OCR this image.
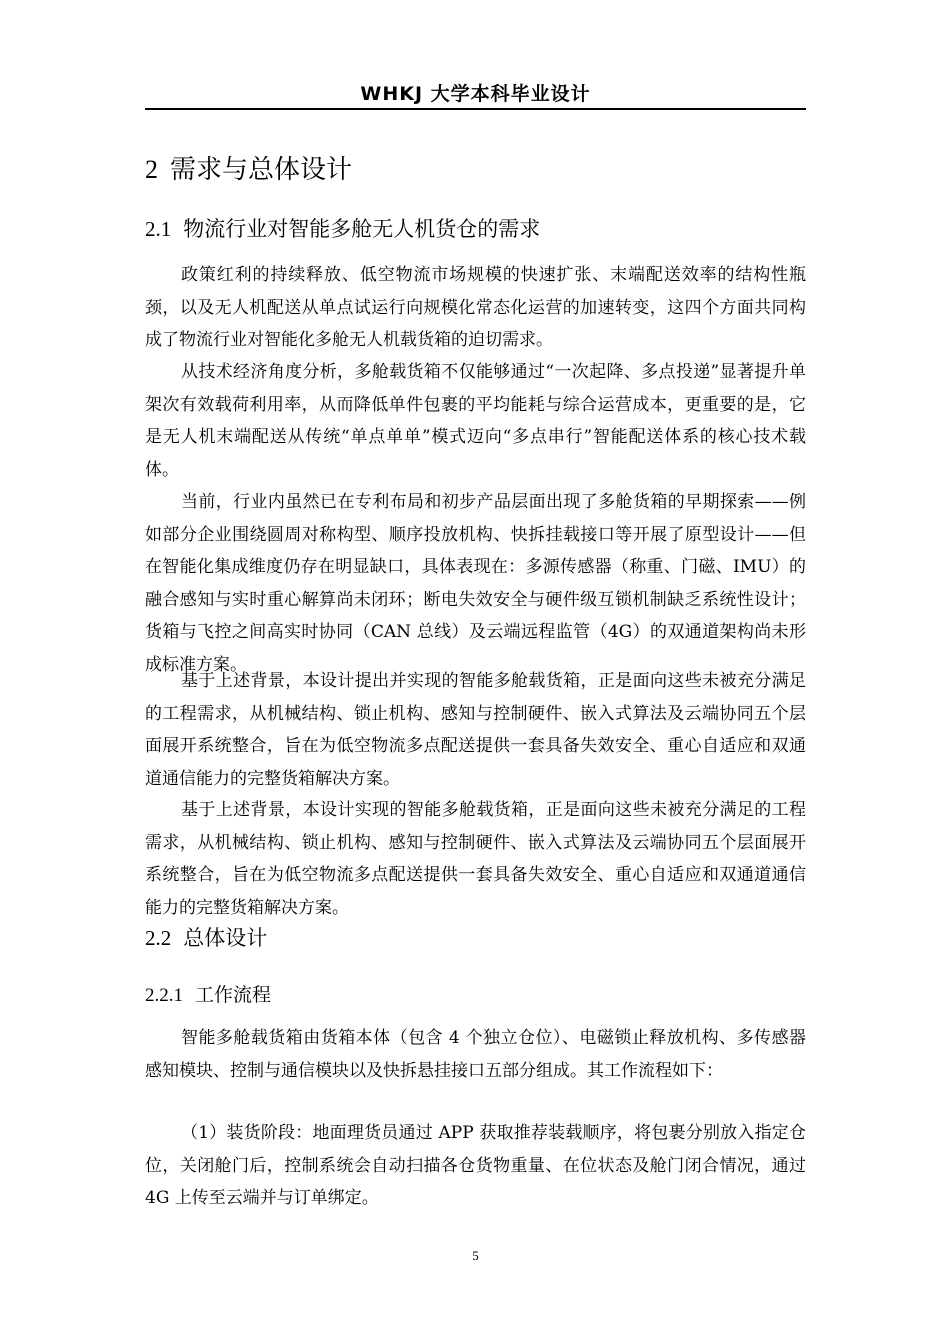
WHKJ 大学本科毕业设计
2 需求与总体设计
2.1 物流行业对智能多舱无人机货仓的需求

政策红利的持续释放、低空物流市场规模的快速扩张、末端配送效率的结构性瓶颈，以及无人机配送从单点试运行向规模化常态化运营的加速转变，这四个方面共同构成了物流行业对智能化多舱无人机载货箱的迫切需求。

从技术经济角度分析，多舱载货箱不仅能够通过“一次起降、多点投递”显著提升单架次有效载荷利用率，从而降低单件包裹的平均能耗与综合运营成本，更重要的是，它是无人机末端配送从传统“单点单单”模式迈向“多点串行”智能配送体系的核心技术载体。

当前，行业内虽然已在专利布局和初步产品层面出现了多舱货箱的早期探索——例如部分企业围绕圆周对称构型、顺序投放机构、快拆挂载接口等开展了原型设计——但在智能化集成维度仍存在明显缺口，具体表现在：多源传感器（称重、门磁、IMU）的融合感知与实时重心解算尚未闭环；断电失效安全与硬件级互锁机制缺乏系统性设计；货箱与飞控之间高实时协同（CAN 总线）及云端远程监管（4G）的双通道架构尚未形成标准方案。

基于上述背景，本设计提出并实现的智能多舱载货箱，正是面向这些未被充分满足的工程需求，从机械结构、锁止机构、感知与控制硬件、嵌入式算法及云端协同五个层面展开系统整合，旨在为低空物流多点配送提供一套具备失效安全、重心自适应和双通道通信能力的完整货箱解决方案。

基于上述背景，本设计实现的智能多舱载货箱，正是面向这些未被充分满足的工程需求，从机械结构、锁止机构、感知与控制硬件、嵌入式算法及云端协同五个层面展开系统整合，旨在为低空物流多点配送提供一套具备失效安全、重心自适应和双通道通信能力的完整货箱解决方案。

2.2 总体设计
2.2.1 工作流程

智能多舱载货箱由货箱本体（包含 4 个独立仓位）、电磁锁止释放机构、多传感器感知模块、控制与通信模块以及快拆悬挂接口五部分组成。其工作流程如下：

（1）装货阶段：地面理货员通过 APP 获取推荐装载顺序，将包裹分别放入指定仓位，关闭舱门后，控制系统会自动扫描各仓货物重量、在位状态及舱门闭合情况，通过 4G 上传至云端并与订单绑定。

5
